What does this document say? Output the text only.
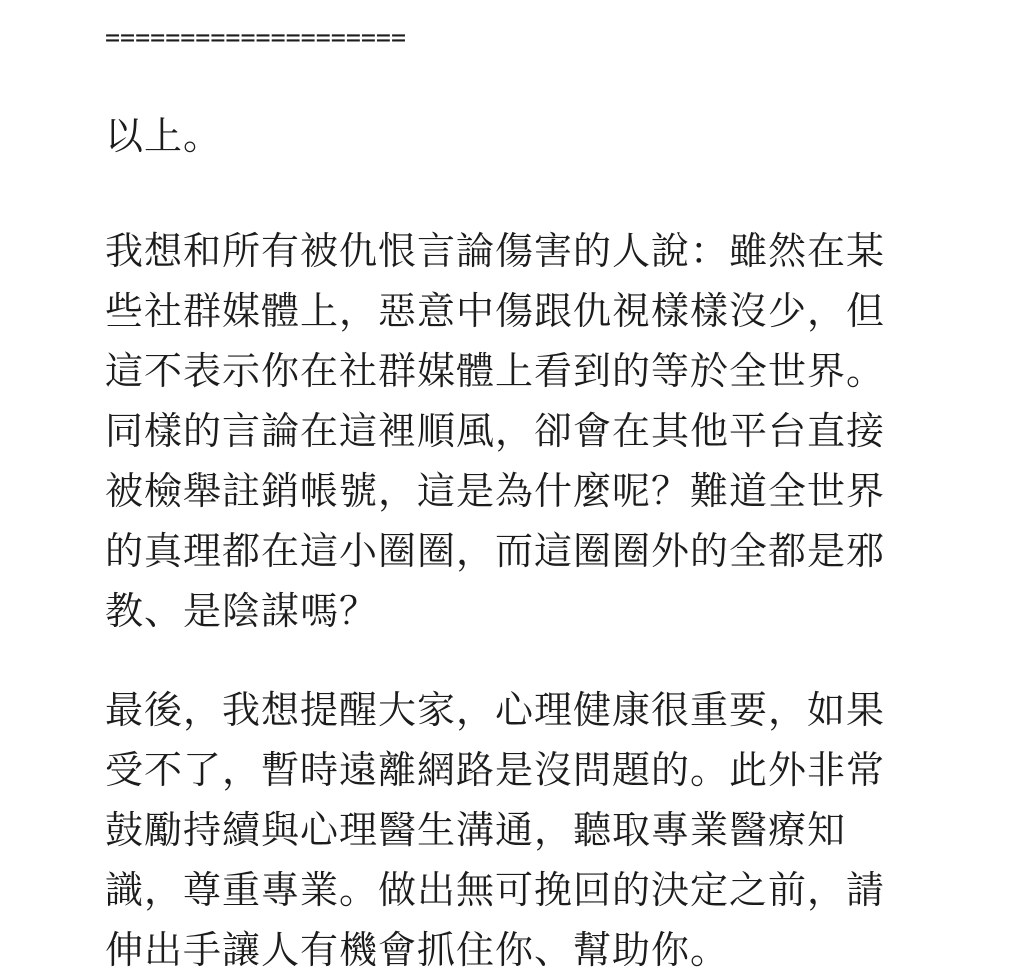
====================

以上。

我想和所有被仇恨言論傷害的人說：雖然在某
些社群媒體上，惡意中傷跟仇視樣樣沒少，但
這不表示你在社群媒體上看到的等於全世界。
同樣的言論在這裡順風，卻會在其他平台直接
被檢舉註銷帳號，這是為什麼呢？難道全世界
的真理都在這小圈圈，而這圈圈外的全都是邪
教、是陰謀嗎？

最後，我想提醒大家，心理健康很重要，如果
受不了，暫時遠離網路是沒問題的。此外非常
鼓勵持續與心理醫生溝通，聽取專業醫療知
識，尊重專業。做出無可挽回的決定之前，請
伸出手讓人有機會抓住你、幫助你。
